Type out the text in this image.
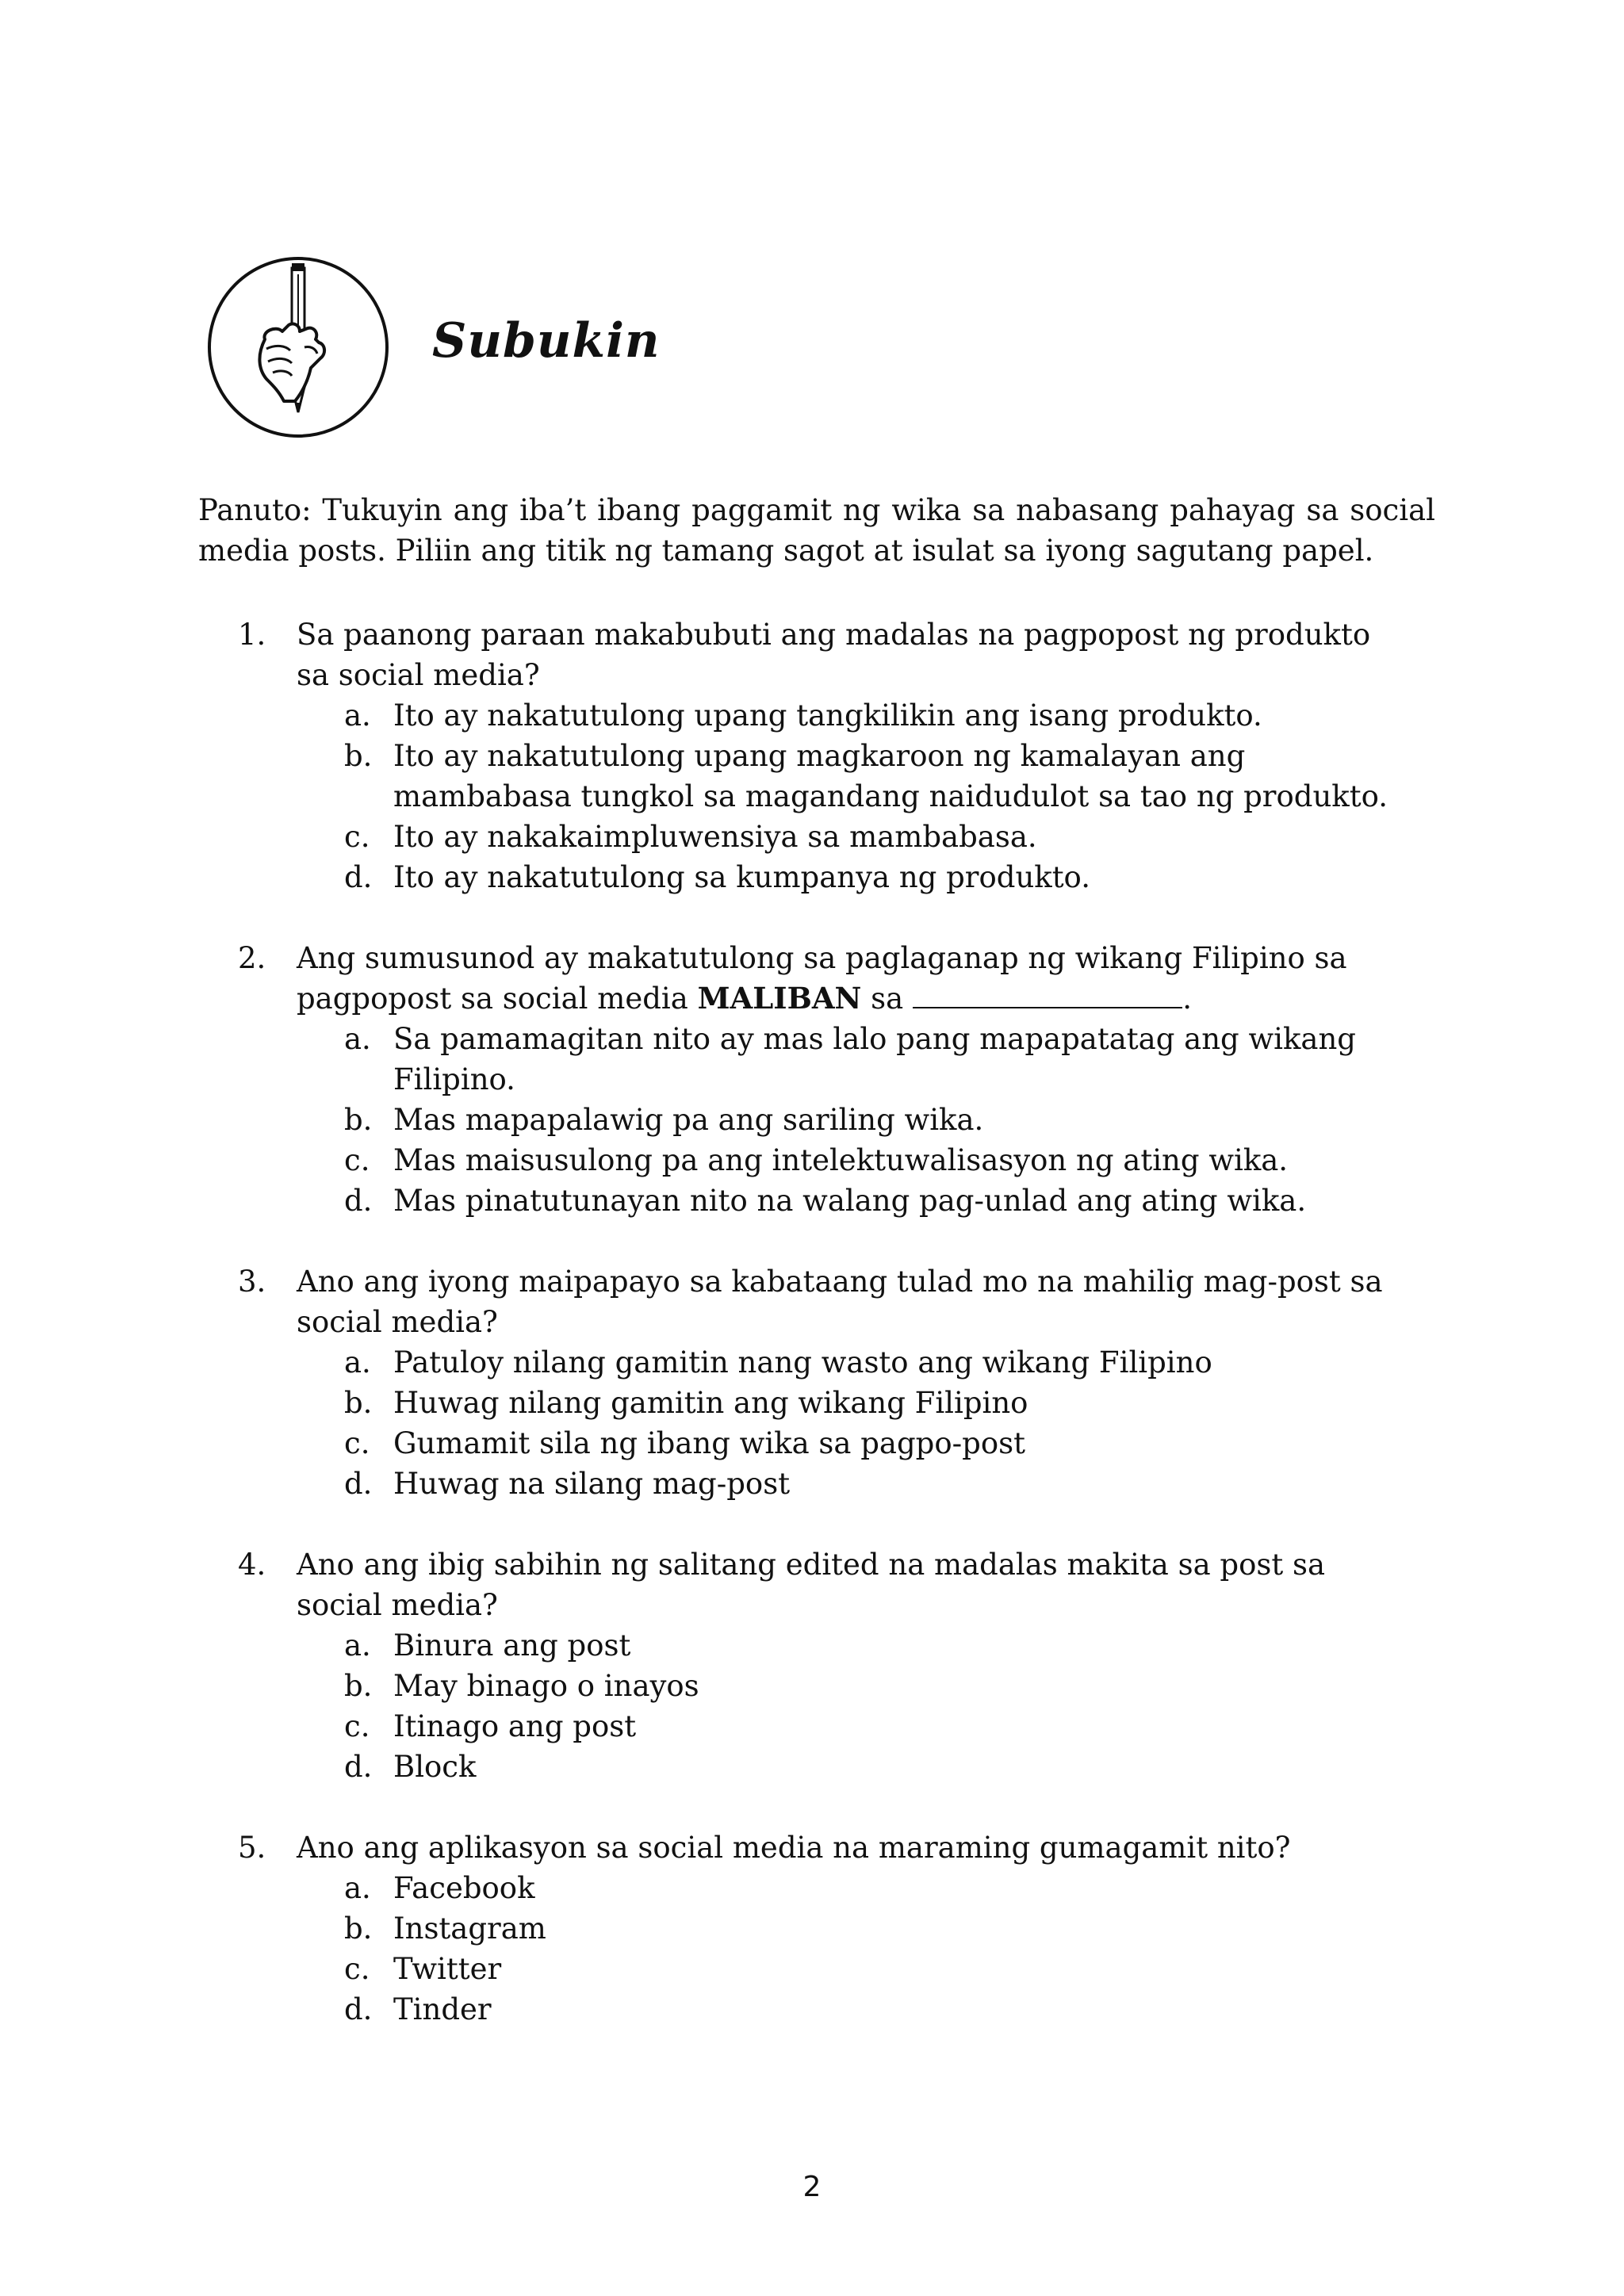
Subukin
Panuto: Tukuyin ang iba’t ibang paggamit ng wika sa nabasang pahayag sa social media posts. Piliin ang titik ng tamang sagot at isulat sa iyong sagutang papel.
1. Sa paanong paraan makabubuti ang madalas na pagpopost ng produkto sa social media?
a. Ito ay nakatutulong upang tangkilikin ang isang produkto.
b. Ito ay nakatutulong upang magkaroon ng kamalayan ang mambabasa tungkol sa magandang naidudulot sa tao ng produkto.
c. Ito ay nakakaimpluwensiya sa mambabasa.
d. Ito ay nakatutulong sa kumpanya ng produkto.
2. Ang sumusunod ay makatutulong sa paglaganap ng wikang Filipino sa pagpopost sa social media MALIBAN sa	.
a. Sa pamamagitan nito ay mas lalo pang mapapatatag ang wikang Filipino.
b. Mas mapapalawig pa ang sariling wika.
c. Mas maisusulong pa ang intelektuwalisasyon ng ating wika.
d. Mas pinatutunayan nito na walang pag-unlad ang ating wika.
3. Ano ang iyong maipapayo sa kabataang tulad mo na mahilig mag-post sa social media?
a. Patuloy nilang gamitin nang wasto ang wikang Filipino
b. Huwag nilang gamitin ang wikang Filipino
c. Gumamit sila ng ibang wika sa pagpo-post
d. Huwag na silang mag-post
4. Ano ang ibig sabihin ng salitang edited na madalas makita sa post sa social media?
a. Binura ang post
b. May binago o inayos
c. Itinago ang post
d. Block
5. Ano ang aplikasyon sa social media na maraming gumagamit nito?
a. Facebook
b. Instagram
c. Twitter
d. Tinder
2
